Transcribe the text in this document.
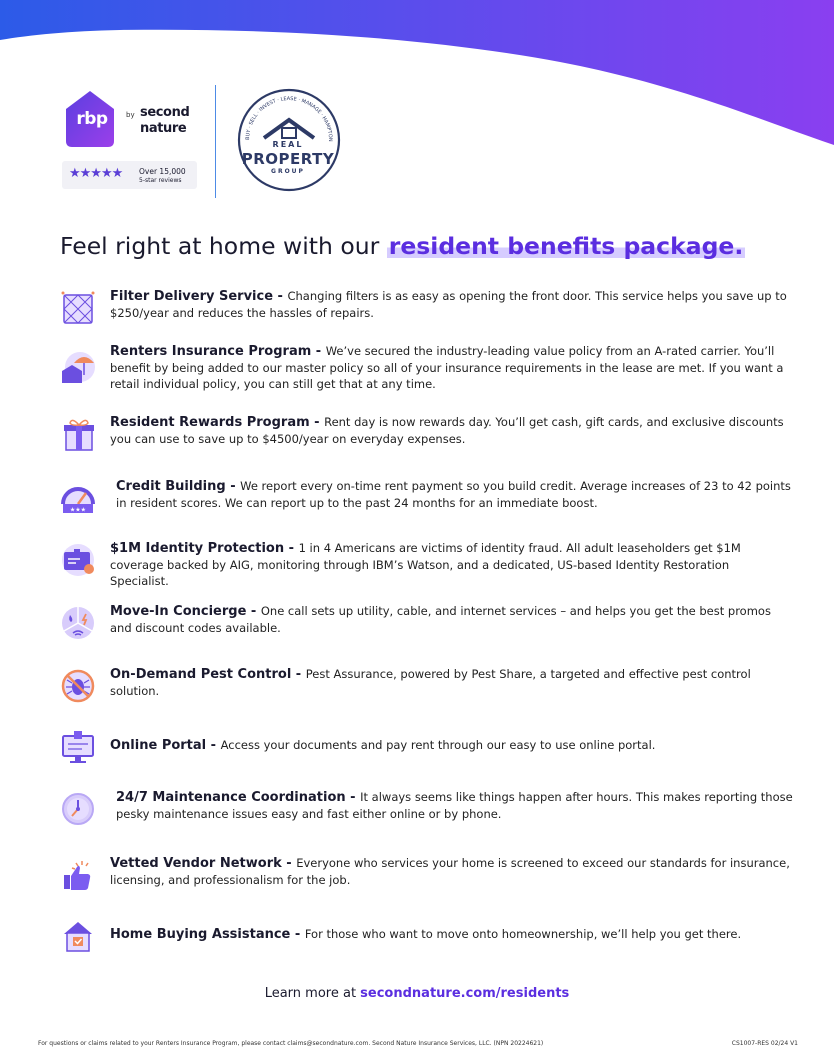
rbp	by second
nature
★★★★★ Over 15,000
5-star reviews
BUY · SELL · INVEST · LEASE · MANAGE · HAMPTON
REAL
PROPERTY
GROUP
Feel right at home with our resident benefits package.
Filter Delivery Service - Changing filters is as easy as opening the front door. This service helps you save up to $250/year and reduces the hassles of repairs.
Renters Insurance Program - We’ve secured the industry-leading value policy from an A-rated carrier. You’ll benefit by being added to our master policy so all of your insurance requirements in the lease are met. If you want a retail individual policy, you can still get that at any time.
Resident Rewards Program - Rent day is now rewards day. You’ll get cash, gift cards, and exclusive discounts you can use to save up to $4500/year on everyday expenses.
★★★
Credit Building - We report every on-time rent payment so you build credit. Average increases of 23 to 42 points in resident scores. We can report up to the past 24 months for an immediate boost.
$1M Identity Protection - 1 in 4 Americans are victims of identity fraud. All adult leaseholders get $1M coverage backed by AIG, monitoring through IBM’s Watson, and a dedicated, US-based Identity Restoration Specialist.
Move-In Concierge - One call sets up utility, cable, and internet services – and helps you get the best promos and discount codes available.
On-Demand Pest Control - Pest Assurance, powered by Pest Share, a targeted and effective pest control solution.
Online Portal - Access your documents and pay rent through our easy to use online portal.
24/7 Maintenance Coordination - It always seems like things happen after hours. This makes reporting those pesky maintenance issues easy and fast either online or by phone.
Vetted Vendor Network - Everyone who services your home is screened to exceed our standards for insurance, licensing, and professionalism for the job.
Home Buying Assistance - For those who want to move onto homeownership, we’ll help you get there.
Learn more at secondnature.com/residents
For questions or claims related to your Renters Insurance Program, please contact claims@secondnature.com. Second Nature Insurance Services, LLC. (NPN 20224621)	CS1007-RES 02/24 V1
